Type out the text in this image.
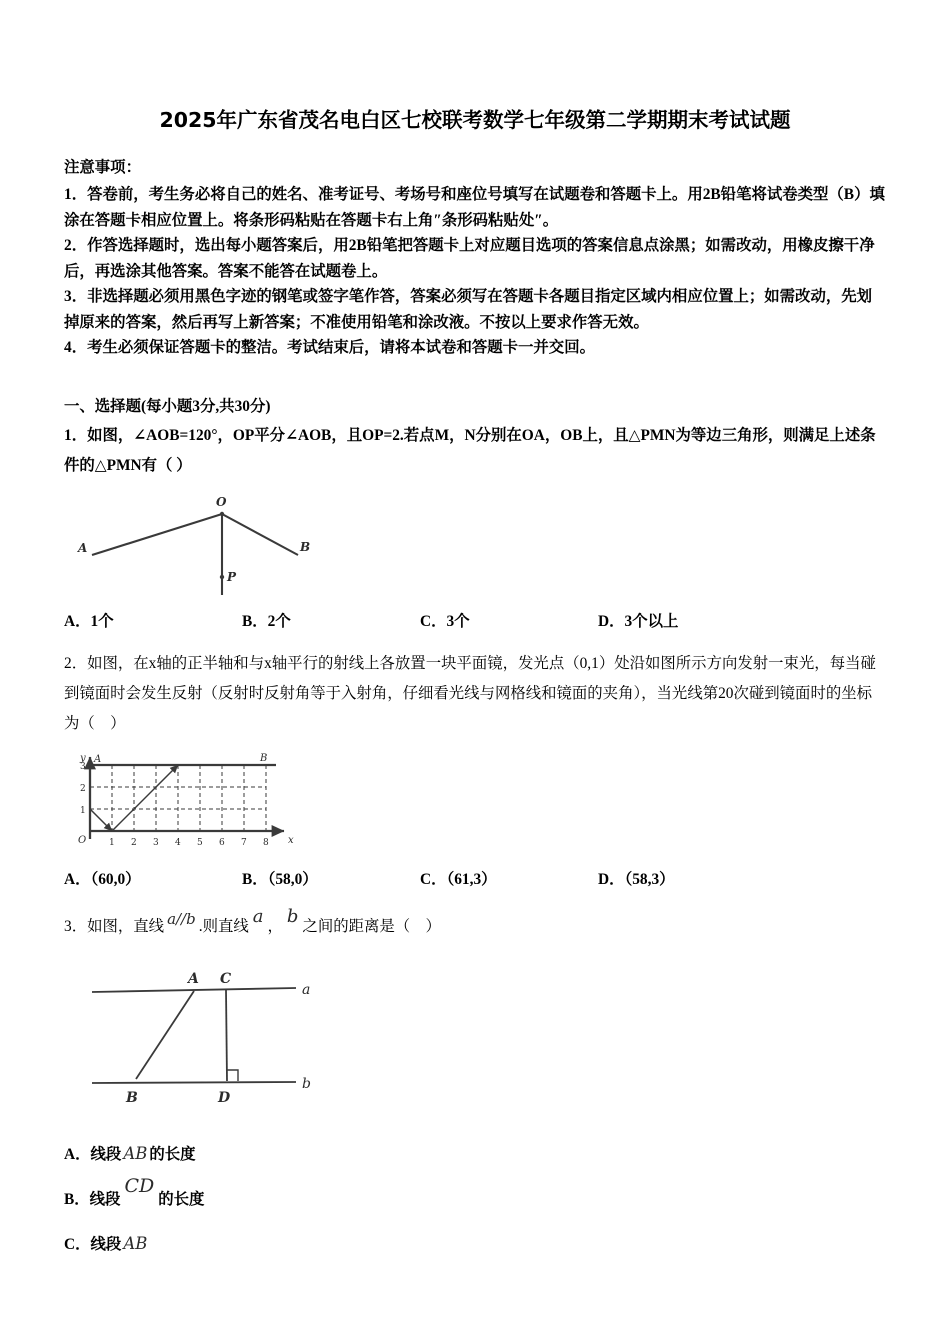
2025年广东省茂名电白区七校联考数学七年级第二学期期末考试试题

注意事项：

1．答卷前，考生务必将自己的姓名、准考证号、考场号和座位号填写在试题卷和答题卡上。用2B铅笔将试卷类型（B）填涂在答题卡相应位置上。将条形码粘贴在答题卡右上角″条形码粘贴处″。

2．作答选择题时，选出每小题答案后，用2B铅笔把答题卡上对应题目选项的答案信息点涂黑；如需改动，用橡皮擦干净后，再选涂其他答案。答案不能答在试题卷上。

3．非选择题必须用黑色字迹的钢笔或签字笔作答，答案必须写在答题卡各题目指定区域内相应位置上；如需改动，先划掉原来的答案，然后再写上新答案；不准使用铅笔和涂改液。不按以上要求作答无效。

4．考生必须保证答题卡的整洁。考试结束后，请将本试卷和答题卡一并交回。

一、选择题(每小题3分,共30分)
1．如图，∠AOB=120°，OP平分∠AOB，且OP=2.若点M，N分别在OA，OB上，且△PMN为等边三角形，则满足上述条件的△PMN有（ ）
O
A	B
P
A．1个	B．2个	C．3个	D．3个以上
2．如图，在x轴的正半轴和与x轴平行的射线上各放置一块平面镜，发光点（0,1）处沿如图所示方向发射一束光，每当碰到镜面时会发生反射（反射时反射角等于入射角，仔细看光线与网格线和镜面的夹角），当光线第20次碰到镜面时的坐标为（　）
y
x
O
A	B
3
2
1
1 2 3 4 5 6 7 8
A．（60,0）	B．（58,0）	C．（61,3）	D．（58,3）
3．如图，直线 a//b .则直线 a ， b 之间的距离是（　）
A C
B	D
a
b
A．线段 AB 的长度
B．线段CD的长度
C．线段 AB
